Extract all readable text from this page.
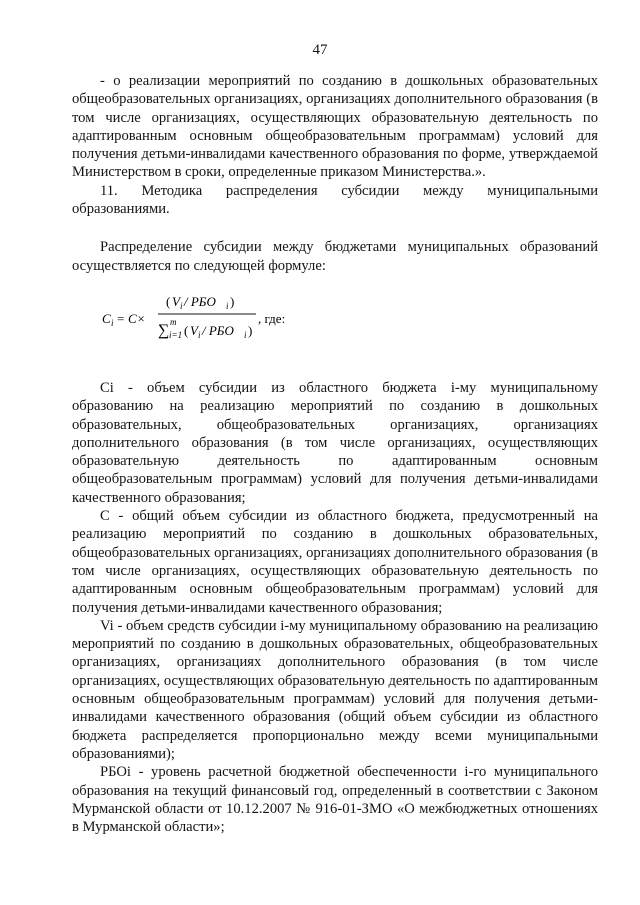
47

- о реализации мероприятий по созданию в дошкольных образовательных общеобразовательных организациях, организациях дополнительного образования (в том числе организациях, осуществляющих образовательную деятельность по адаптированным основным общеобразовательным программам) условий для получения детьми-инвалидами качественного образования по форме, утверждаемой Министерством в сроки, определенные приказом Министерства.».

11. Методика распределения субсидии между муниципальными образованиями.

Распределение субсидии между бюджетами муниципальных образований осуществляется по следующей формуле:

C i = C×
( V i / РБО i )
∑ m
i=1 ( V i / РБО i )
, где:

Ci - объем субсидии из областного бюджета i-му муниципальному образованию на реализацию мероприятий по созданию в дошкольных образовательных, общеобразовательных организациях, организациях дополнительного образования (в том числе организациях, осуществляющих образовательную деятельность по адаптированным основным общеобразовательным программам) условий для получения детьми-инвалидами качественного образования;

С - общий объем субсидии из областного бюджета, предусмотренный на реализацию мероприятий по созданию в дошкольных образовательных, общеобразовательных организациях, организациях дополнительного образования (в том числе организациях, осуществляющих образовательную деятельность по адаптированным основным общеобразовательным программам) условий для получения детьми-инвалидами качественного образования;

Vi - объем средств субсидии i-му муниципальному образованию на реализацию мероприятий по созданию в дошкольных образовательных, общеобразовательных организациях, организациях дополнительного образования (в том числе организациях, осуществляющих образовательную деятельность по адаптированным основным общеобразовательным программам) условий для получения детьми-инвалидами качественного образования (общий объем субсидии из областного бюджета распределяется пропорционально между всеми муниципальными образованиями);

РБОi - уровень расчетной бюджетной обеспеченности i-го муниципального образования на текущий финансовый год, определенный в соответствии с Законом Мурманской области от 10.12.2007 № 916-01-ЗМО «О межбюджетных отношениях в Мурманской области»;
